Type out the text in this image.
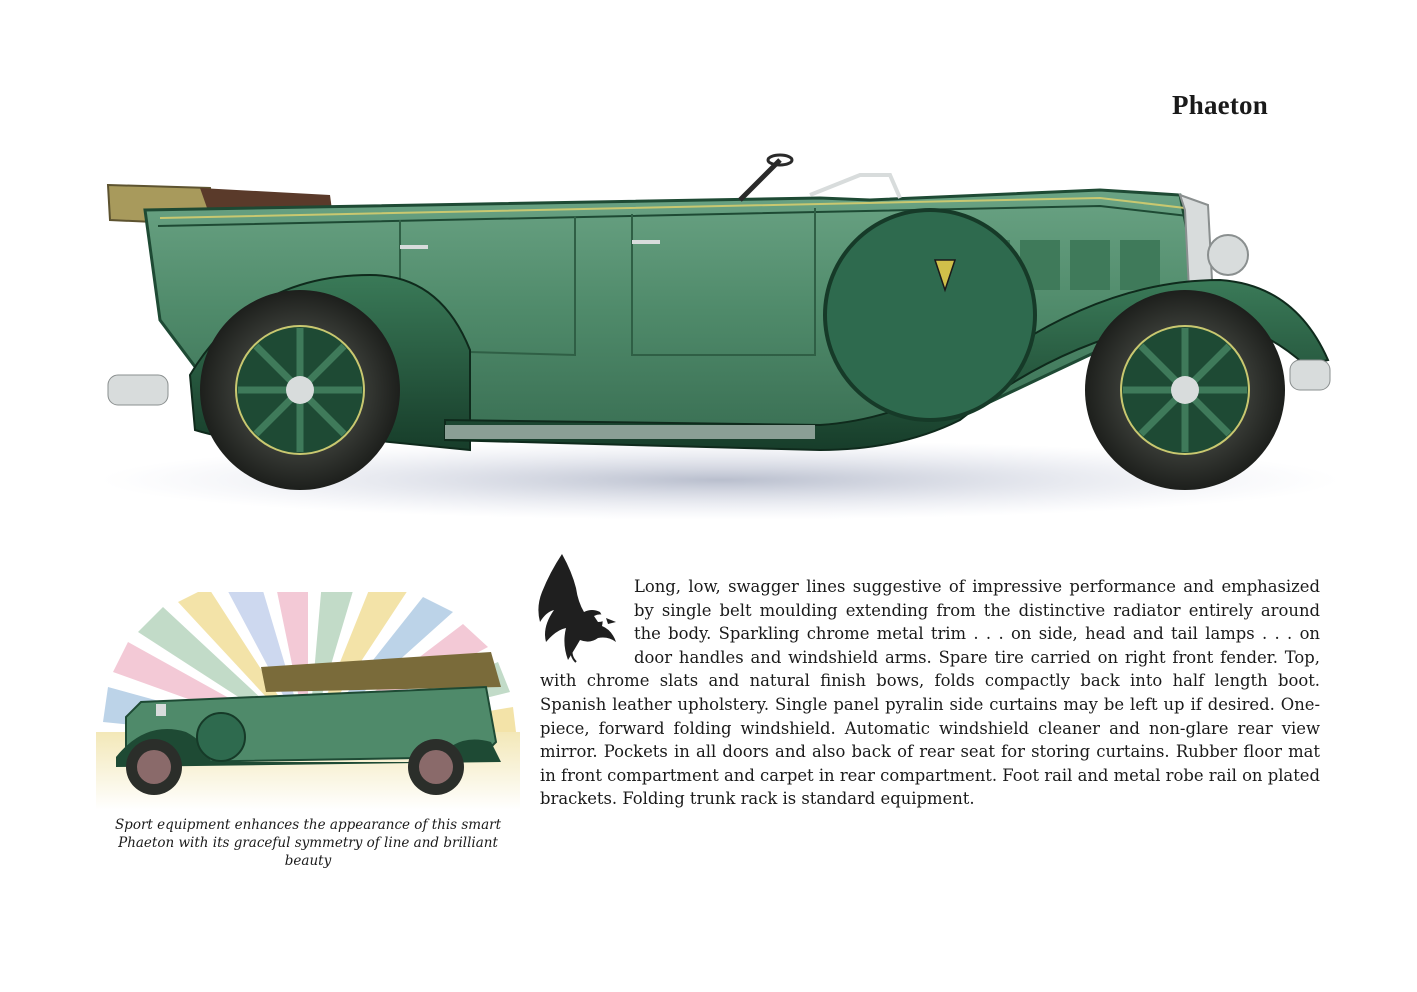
Phaeton
Sport equipment enhances the appearance of this smart Phaeton with its graceful symmetry of line and brilliant beauty
Long, low, swagger lines suggestive of impressive performance and emphasized by single belt moulding extending from the distinctive radiator entirely around the body. Sparkling chrome metal trim . . . on side, head and tail lamps . . . on door handles and windshield arms. Spare tire carried on right front fender. Top, with chrome slats and natural finish bows, folds compactly back into half length boot. Spanish leather upholstery. Single panel pyralin side curtains may be left up if desired. One-piece, forward folding windshield. Automatic windshield cleaner and non-glare rear view mirror. Pockets in all doors and also back of rear seat for storing curtains. Rubber floor mat in front compartment and carpet in rear compartment. Foot rail and metal robe rail on plated brackets. Folding trunk rack is standard equipment.
